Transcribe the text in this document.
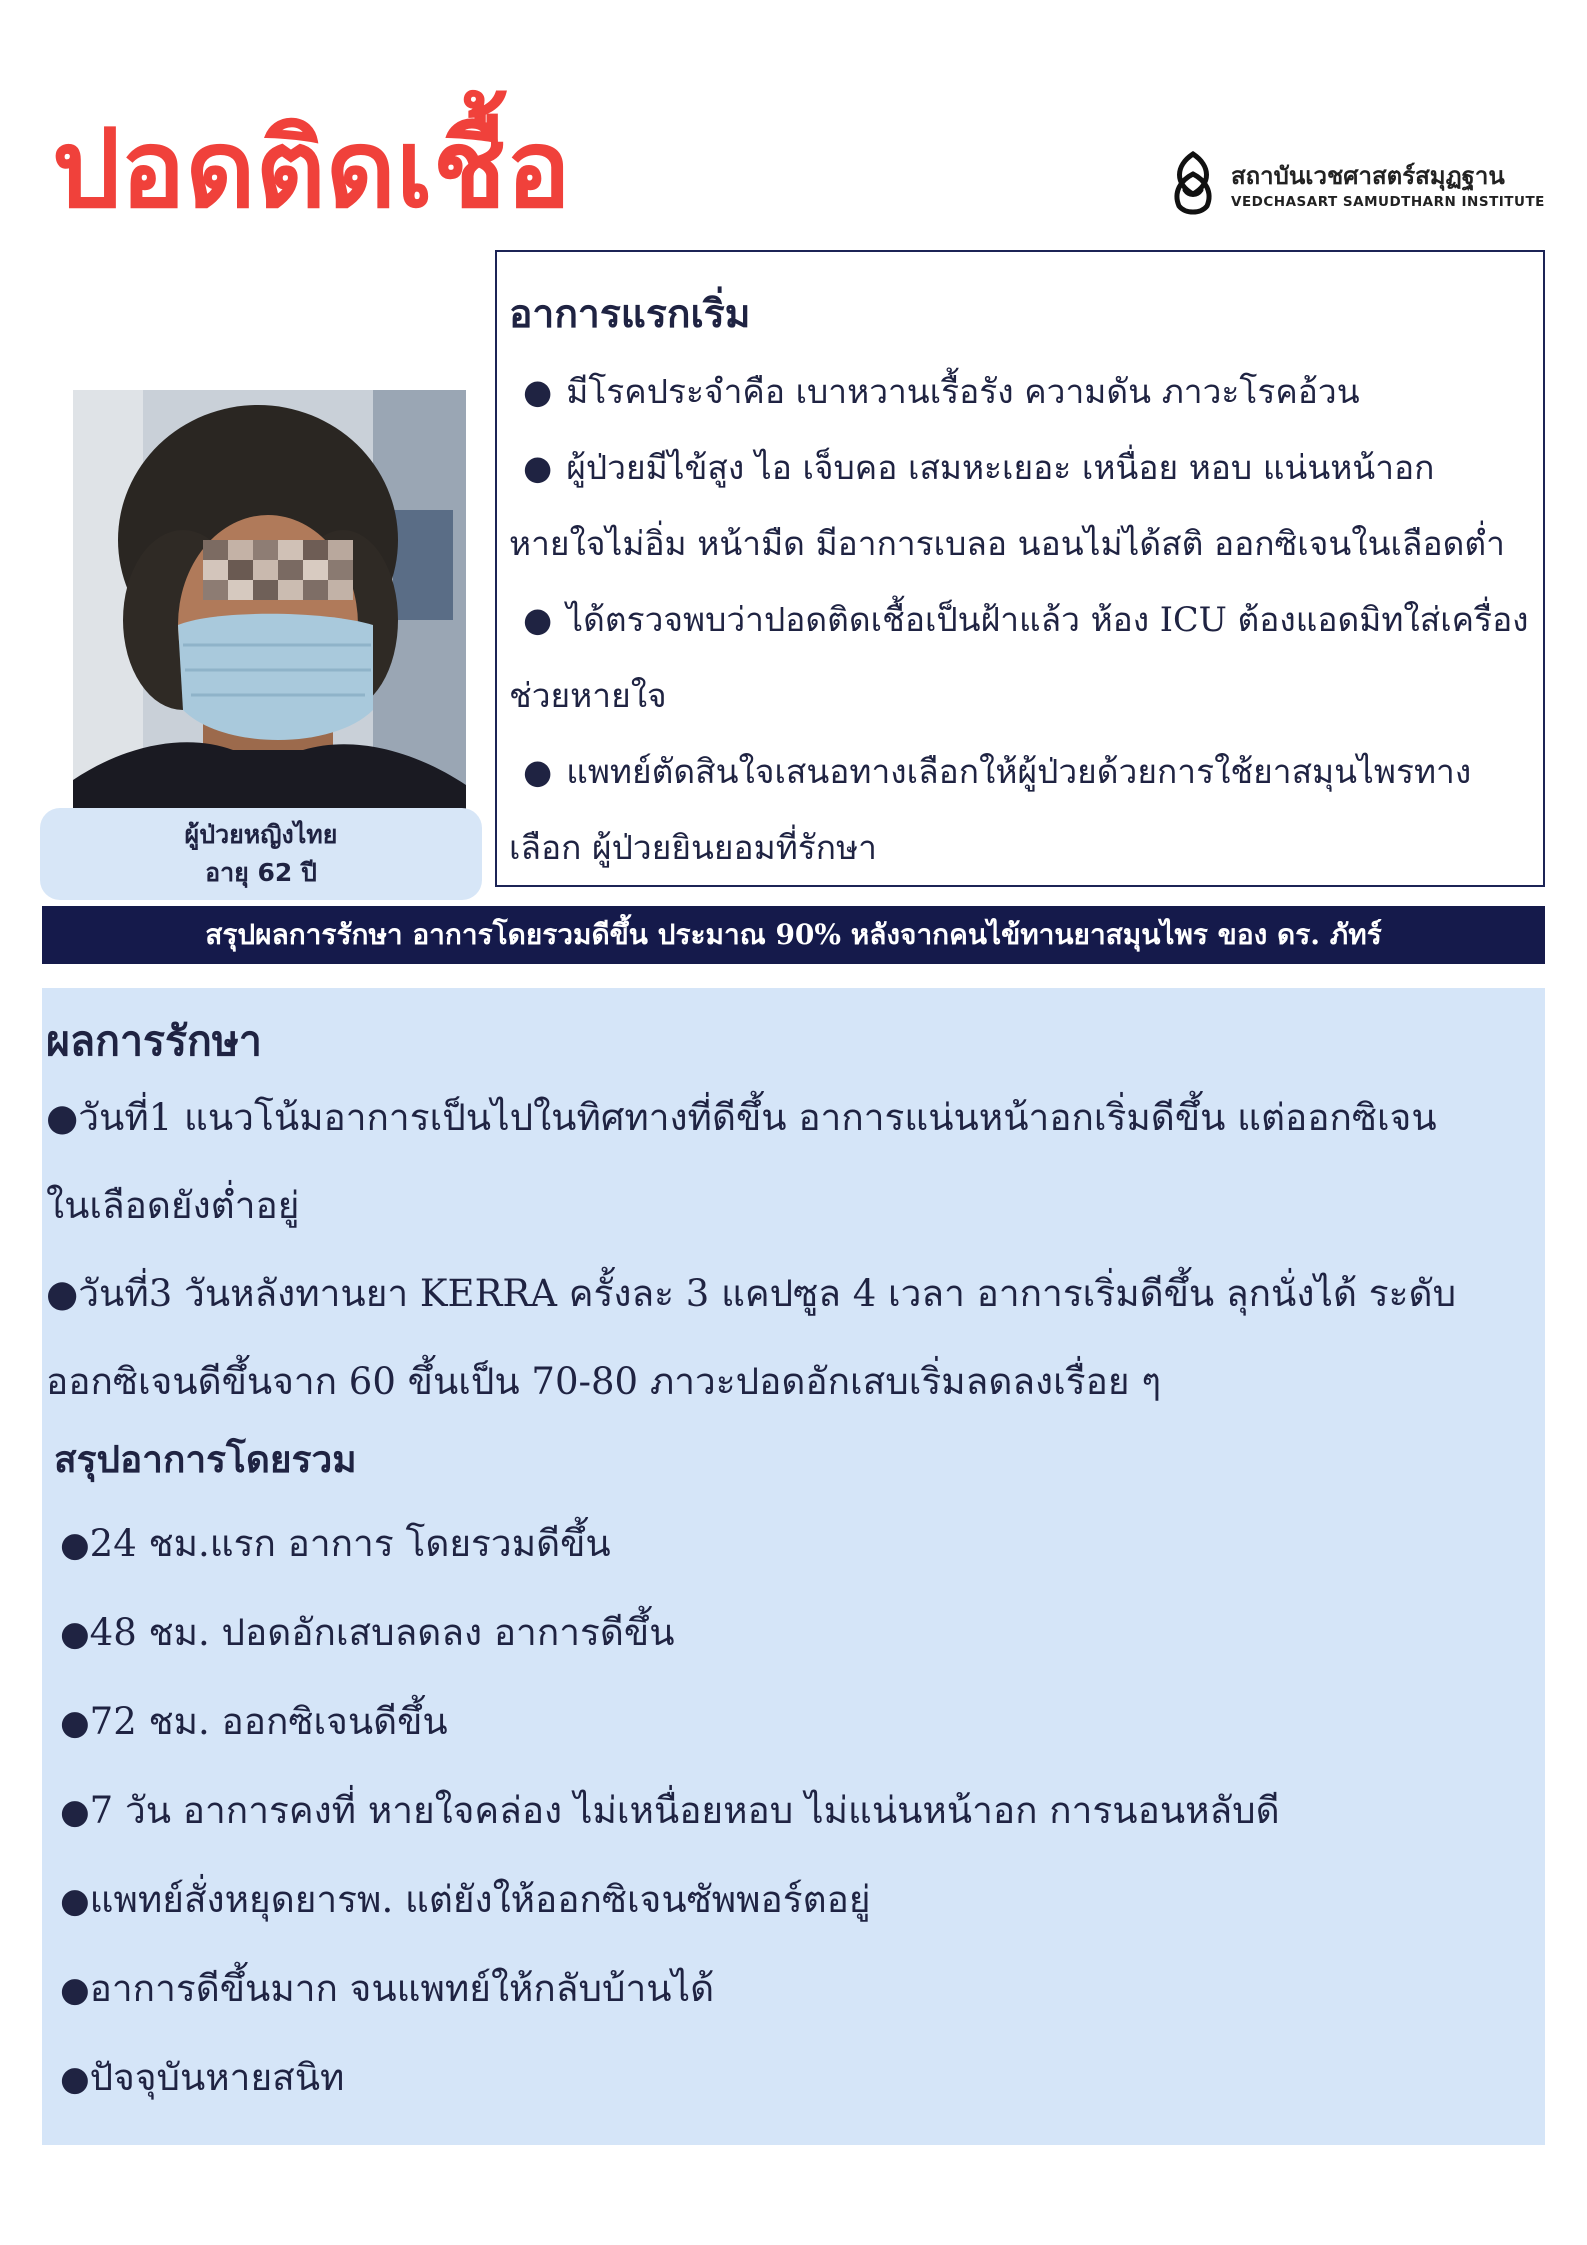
ปอดติดเชื้อ	สถาบันเวชศาสตร์สมุฏฐาน
VEDCHASART SAMUDTHARN INSTITUTE
ผู้ป่วยหญิงไทย
อายุ 62 ปี
อาการแรกเริ่ม
● มีโรคประจำคือ เบาหวานเรื้อรัง ความดัน ภาวะโรคอ้วน
● ผู้ป่วยมีไข้สูง ไอ เจ็บคอ เสมหะเยอะ เหนื่อย หอบ แน่นหน้าอก
หายใจไม่อิ่ม หน้ามืด มีอาการเบลอ นอนไม่ได้สติ ออกซิเจนในเลือดต่ำ
● ได้ตรวจพบว่าปอดติดเชื้อเป็นฝ้าแล้ว ห้อง ICU ต้องแอดมิทใส่เครื่อง
ช่วยหายใจ
● แพทย์ตัดสินใจเสนอทางเลือกให้ผู้ป่วยด้วยการใช้ยาสมุนไพรทาง
เลือก ผู้ป่วยยินยอมที่รักษา
สรุปผลการรักษา อาการโดยรวมดีขึ้น ประมาณ 90% หลังจากคนไข้ทานยาสมุนไพร ของ ดร. ภัทร์
ผลการรักษา

●วันที่1 แนวโน้มอาการเป็นไปในทิศทางที่ดีขึ้น อาการแน่นหน้าอกเริ่มดีขึ้น แต่ออกซิเจน

ในเลือดยังต่ำอยู่

●วันที่3 วันหลังทานยา KERRA ครั้งละ 3 แคปซูล 4 เวลา อาการเริ่มดีขึ้น ลุกนั่งได้ ระดับ

ออกซิเจนดีขึ้นจาก 60 ขึ้นเป็น 70-80 ภาวะปอดอักเสบเริ่มลดลงเรื่อย ๆ

สรุปอาการโดยรวม
●24 ชม.แรก อาการ โดยรวมดีขึ้น
●48 ชม. ปอดอักเสบลดลง อาการดีขึ้น
●72 ชม. ออกซิเจนดีขึ้น
●7 วัน อาการคงที่ หายใจคล่อง ไม่เหนื่อยหอบ ไม่แน่นหน้าอก การนอนหลับดี
●แพทย์สั่งหยุดยารพ. แต่ยังให้ออกซิเจนซัพพอร์ตอยู่
●อาการดีขึ้นมาก จนแพทย์ให้กลับบ้านได้
●ปัจจุบันหายสนิท
